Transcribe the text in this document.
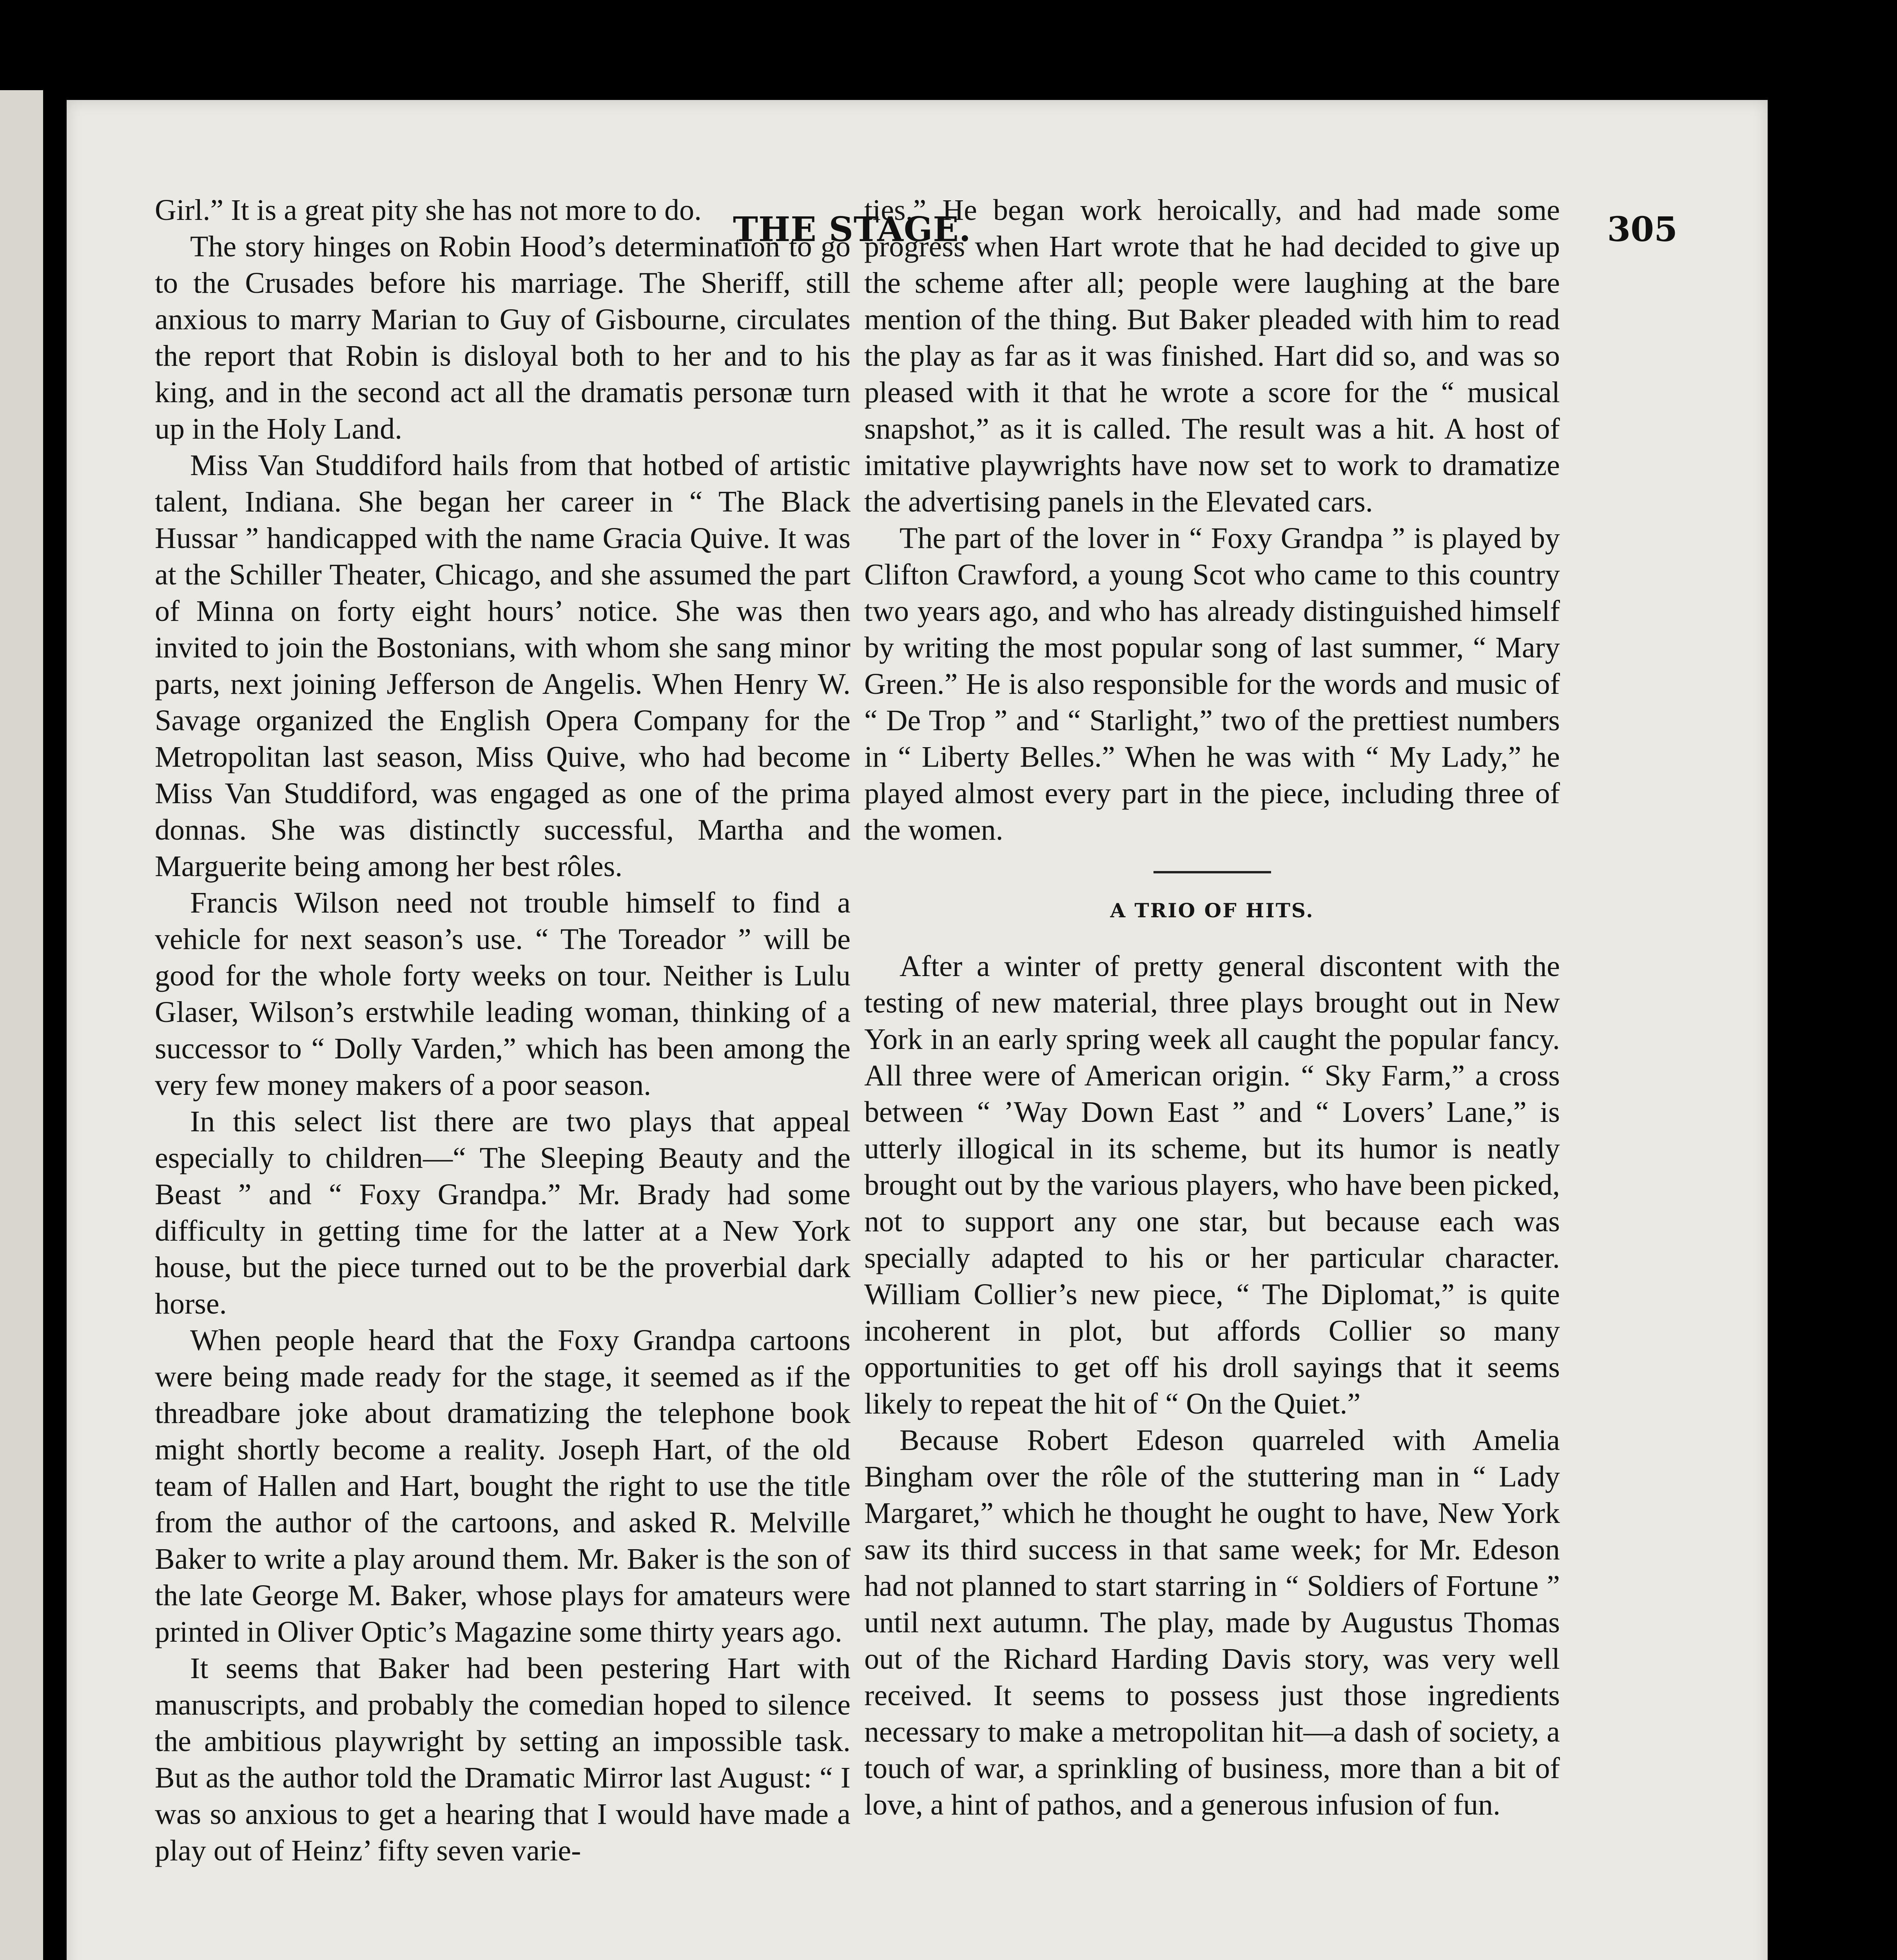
THE STAGE.	305

Girl.” It is a great pity she has not more to do.

The story hinges on Robin Hood’s determination to go to the Crusades before his marriage. The Sheriff, still anxious to marry Marian to Guy of Gisbourne, circulates the report that Robin is disloyal both to her and to his king, and in the second act all the dramatis personæ turn up in the Holy Land.

Miss Van Studdiford hails from that hotbed of artistic talent, Indiana. She began her career in “ The Black Hussar ” handicapped with the name Gracia Quive. It was at the Schiller Theater, Chicago, and she assumed the part of Minna on forty eight hours’ notice. She was then invited to join the Bostonians, with whom she sang minor parts, next joining Jefferson de Angelis. When Henry W. Savage organized the English Opera Company for the Metropolitan last season, Miss Quive, who had become Miss Van Studdiford, was engaged as one of the prima donnas. She was distinctly successful, Martha and Marguerite being among her best rôles.

Francis Wilson need not trouble himself to find a vehicle for next season’s use. “ The Toreador ” will be good for the whole forty weeks on tour. Neither is Lulu Glaser, Wilson’s erstwhile leading woman, thinking of a successor to “ Dolly Varden,” which has been among the very few money makers of a poor season.

In this select list there are two plays that appeal especially to children—“ The Sleeping Beauty and the Beast ” and “ Foxy Grandpa.” Mr. Brady had some difficulty in getting time for the latter at a New York house, but the piece turned out to be the proverbial dark horse.

When people heard that the Foxy Grandpa cartoons were being made ready for the stage, it seemed as if the threadbare joke about dramatizing the telephone book might shortly become a reality. Joseph Hart, of the old team of Hallen and Hart, bought the right to use the title from the author of the cartoons, and asked R. Melville Baker to write a play around them. Mr. Baker is the son of the late George M. Baker, whose plays for amateurs were printed in Oliver Optic’s Magazine some thirty years ago.

It seems that Baker had been pestering Hart with manuscripts, and probably the comedian hoped to silence the ambitious playwright by setting an impossible task. But as the author told the Dramatic Mirror last August: “ I was so anxious to get a hearing that I would have made a play out of Heinz’ fifty seven varie-

ties.” He began work heroically, and had made some progress when Hart wrote that he had decided to give up the scheme after all; people were laughing at the bare mention of the thing. But Baker pleaded with him to read the play as far as it was finished. Hart did so, and was so pleased with it that he wrote a score for the “ musical snapshot,” as it is called. The result was a hit. A host of imitative playwrights have now set to work to dramatize the advertising panels in the Elevated cars.

The part of the lover in “ Foxy Grandpa ” is played by Clifton Crawford, a young Scot who came to this country two years ago, and who has already distinguished himself by writing the most popular song of last summer, “ Mary Green.” He is also responsible for the words and music of “ De Trop ” and “ Starlight,” two of the prettiest numbers in “ Liberty Belles.” When he was with “ My Lady,” he played almost every part in the piece, including three of the women.

A TRIO OF HITS.

After a winter of pretty general discontent with the testing of new material, three plays brought out in New York in an early spring week all caught the popular fancy. All three were of American origin. “ Sky Farm,” a cross between “ ’Way Down East ” and “ Lovers’ Lane,” is utterly illogical in its scheme, but its humor is neatly brought out by the various players, who have been picked, not to support any one star, but because each was specially adapted to his or her particular character. William Collier’s new piece, “ The Diplomat,” is quite incoherent in plot, but affords Collier so many opportunities to get off his droll sayings that it seems likely to repeat the hit of “ On the Quiet.”

Because Robert Edeson quarreled with Amelia Bingham over the rôle of the stuttering man in “ Lady Margaret,” which he thought he ought to have, New York saw its third success in that same week; for Mr. Edeson had not planned to start starring in “ Soldiers of Fortune ” until next autumn. The play, made by Augustus Thomas out of the Richard Harding Davis story, was very well received. It seems to possess just those ingredients necessary to make a metropolitan hit—a dash of society, a touch of war, a sprinkling of business, more than a bit of love, a hint of pathos, and a generous infusion of fun.
